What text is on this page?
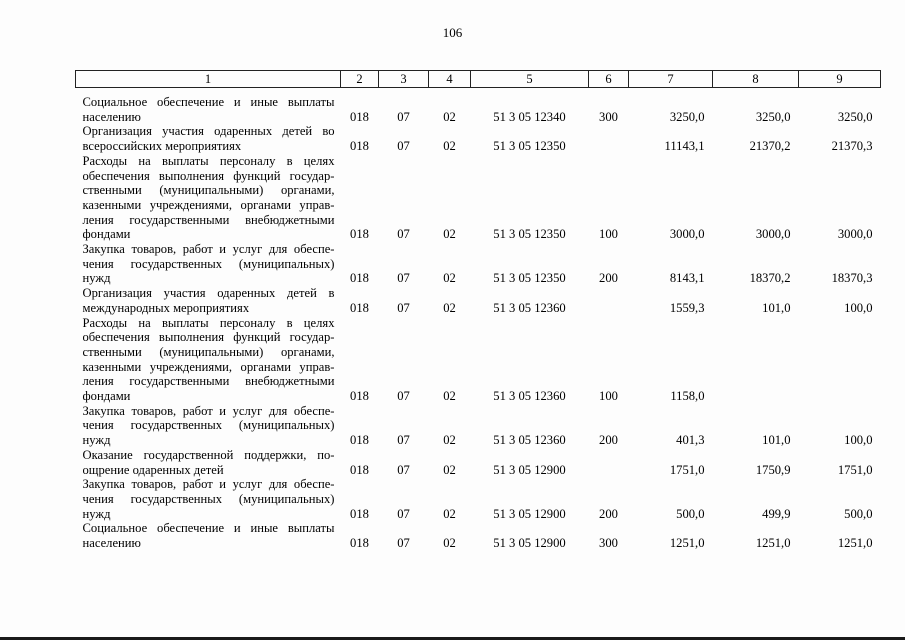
106
1	2	3	4	5	6	7	8	9

Социальное обеспечение и иные выплаты
населению	018	07	02	51 3 05 12340	300	3250,0	3250,0	3250,0

Организация участия одаренных детей во
всероссийских мероприятиях	018	07	02	51 3 05 12350		11143,1	21370,2	21370,3

Расходы на выплаты персоналу в целях
обеспечения выполнения функций государ-
ственными (муниципальными) органами,
казенными учреждениями, органами управ-
ления государственными внебюджетными
фондами	018	07	02	51 3 05 12350	100	3000,0	3000,0	3000,0

Закупка товаров, работ и услуг для обеспе-
чения государственных (муниципальных)
нужд	018	07	02	51 3 05 12350	200	8143,1	18370,2	18370,3

Организация участия одаренных детей в
международных мероприятиях	018	07	02	51 3 05 12360		1559,3	101,0	100,0

Расходы на выплаты персоналу в целях
обеспечения выполнения функций государ-
ственными (муниципальными) органами,
казенными учреждениями, органами управ-
ления государственными внебюджетными
фондами	018	07	02	51 3 05 12360	100	1158,0		

Закупка товаров, работ и услуг для обеспе-
чения государственных (муниципальных)
нужд	018	07	02	51 3 05 12360	200	401,3	101,0	100,0

Оказание государственной поддержки, по-
ощрение одаренных детей	018	07	02	51 3 05 12900		1751,0	1750,9	1751,0

Закупка товаров, работ и услуг для обеспе-
чения государственных (муниципальных)
нужд	018	07	02	51 3 05 12900	200	500,0	499,9	500,0

Социальное обеспечение и иные выплаты
населению	018	07	02	51 3 05 12900	300	1251,0	1251,0	1251,0
